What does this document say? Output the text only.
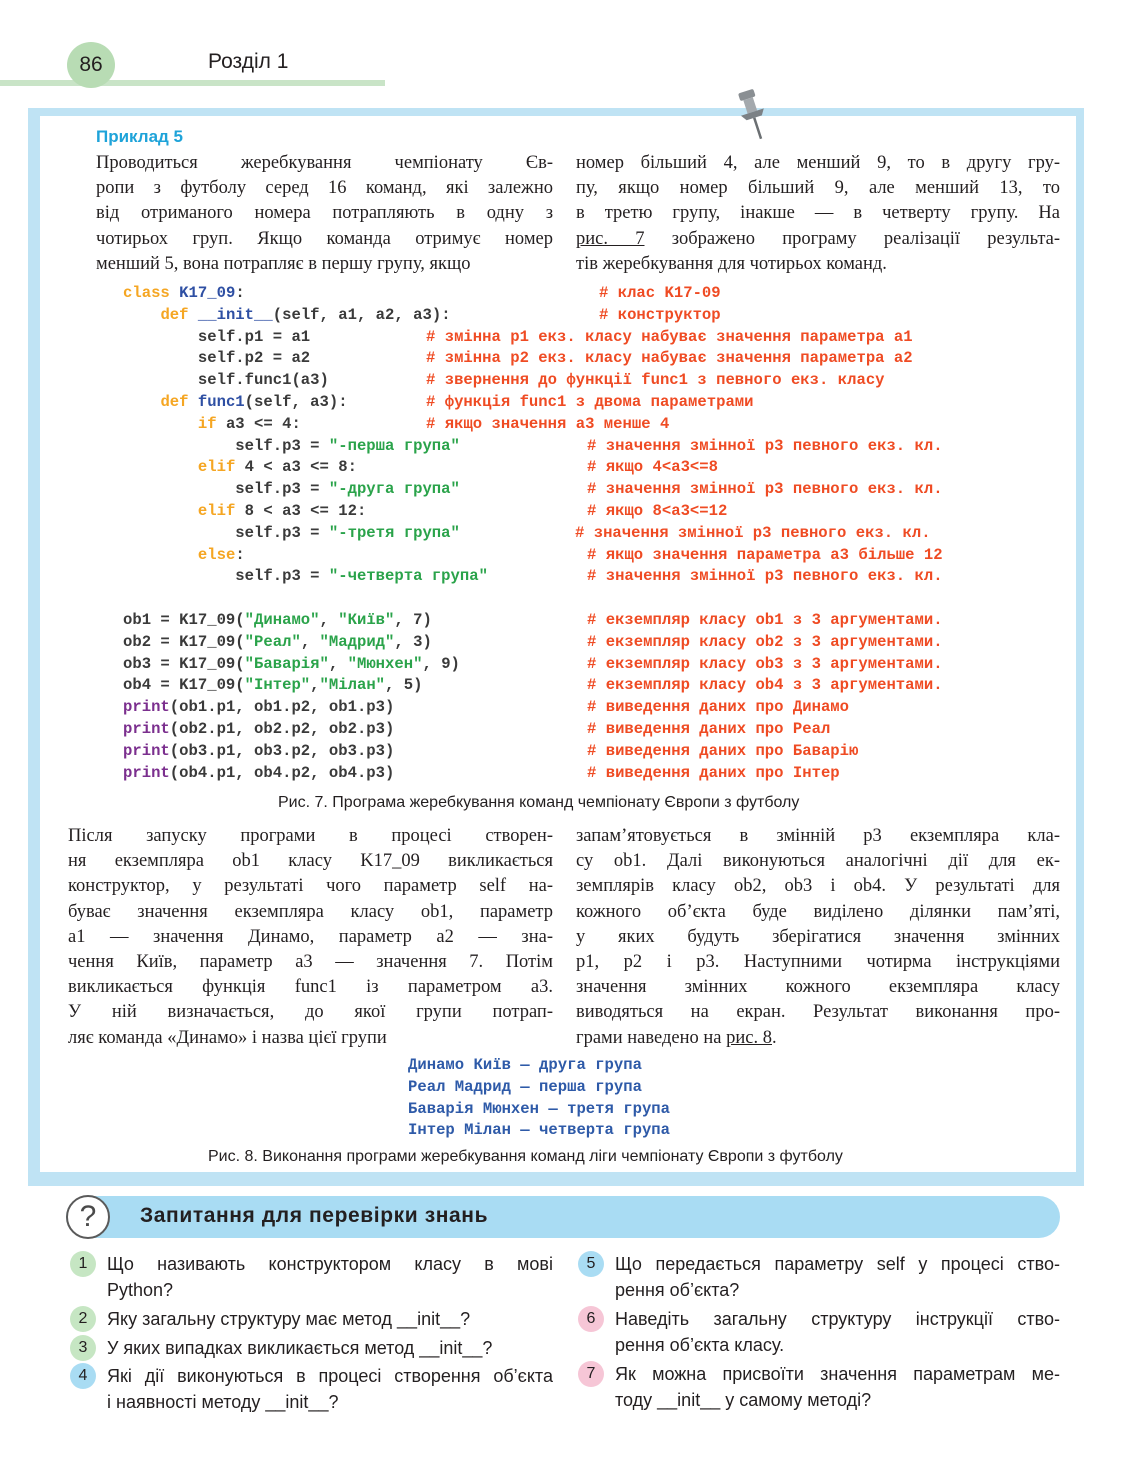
86	Розділ 1
Приклад 5
Проводиться жеребкування чемпіонату Єв-
ропи з футболу серед 16 команд, які залежно
від отриманого номера потрапляють в одну з
чотирьох груп. Якщо команда отримує номер
менший 5, вона потрапляє в першу групу, якщо
номер більший 4, але менший 9, то в другу гру-
пу, якщо номер більший 9, але менший 13, то
в третю групу, інакше — в четверту групу. На
рис. 7 зображено програму реалізації результа-
тів жеребкування для чотирьох команд.
class K17_09:	# клас K17-09
def __init__(self, a1, a2, a3):	# конструктор
self.p1 = a1	# змінна p1 екз. класу набуває значення параметра a1
self.p2 = a2	# змінна p2 екз. класу набуває значення параметра a2
self.func1(a3)	# звернення до функції func1 з певного екз. класу
def func1(self, a3):	# функція func1 з двома параметрами
if a3 <= 4:	# якщо значення a3 менше 4
self.p3 = "-перша група"	# значення змінної p3 певного екз. кл.
elif 4 < a3 <= 8:	# якщо 4<a3<=8
self.p3 = "-друга група"	# значення змінної p3 певного екз. кл.
elif 8 < a3 <= 12:	# якщо 8<a3<=12
self.p3 = "-третя група"	# значення змінної p3 певного екз. кл.
else:	# якщо значення параметра a3 більше 12
self.p3 = "-четверта група"	# значення змінної p3 певного екз. кл.
ob1 = K17_09("Динамо", "Київ", 7)	# екземпляр класу ob1 з 3 аргументами.
ob2 = K17_09("Реал", "Мадрид", 3)	# екземпляр класу ob2 з 3 аргументами.
ob3 = K17_09("Баварія", "Мюнхен", 9)	# екземпляр класу ob3 з 3 аргументами.
ob4 = K17_09("Інтер","Мілан", 5)	# екземпляр класу ob4 з 3 аргументами.
print(ob1.p1, ob1.p2, ob1.p3)	# виведення даних про Динамо
print(ob2.p1, ob2.p2, ob2.p3)	# виведення даних про Реал
print(ob3.p1, ob3.p2, ob3.p3)	# виведення даних про Баварію
print(ob4.p1, ob4.p2, ob4.p3)	# виведення даних про Інтер
Рис. 7. Програма жеребкування команд чемпіонату Європи з футболу
Після запуску програми в процесі створен-
ня екземпляра ob1 класу K17_09 викликається
конструктор, у результаті чого параметр self на-
буває значення екземпляра класу ob1, параметр
a1 — значення Динамо, параметр a2 — зна-
чення Київ, параметр a3 — значення 7. Потім
викликається функція func1 із параметром a3.
У ній визначається, до якої групи потрап-
ляє команда «Динамо» і назва цієї групи
запам’ятовується в змінній p3 екземпляра кла-
су ob1. Далі виконуються аналогічні дії для ек-
земплярів класу ob2, ob3 і ob4. У результаті для
кожного об’єкта буде виділено ділянки пам’яті,
у яких будуть зберігатися значення змінних
p1, p2 і p3. Наступними чотирма інструкціями
значення змінних кожного екземпляра класу
виводяться на екран. Результат виконання про-
грами наведено на рис. 8.
Динамо Київ — друга група
Реал Мадрид — перша група
Баварія Мюнхен — третя група
Інтер Мілан — четверта група
Рис. 8. Виконання програми жеребкування команд ліги чемпіонату Європи з футболу
?	Запитання для перевірки знань
1	Що називають конструктором класу в мові
Python?
2	Яку загальну структуру має метод __init__?
3	У яких випадках викликається метод __init__?
4	Які дії виконуються в процесі створення об’єкта
і наявності методу __init__?
5	Що передається параметру self у процесі ство-
рення об’єкта?
6	Наведіть загальну структуру інструкції ство-
рення об’єкта класу.
7	Як можна присвоїти значення параметрам ме-
тоду __init__ у самому методі?
